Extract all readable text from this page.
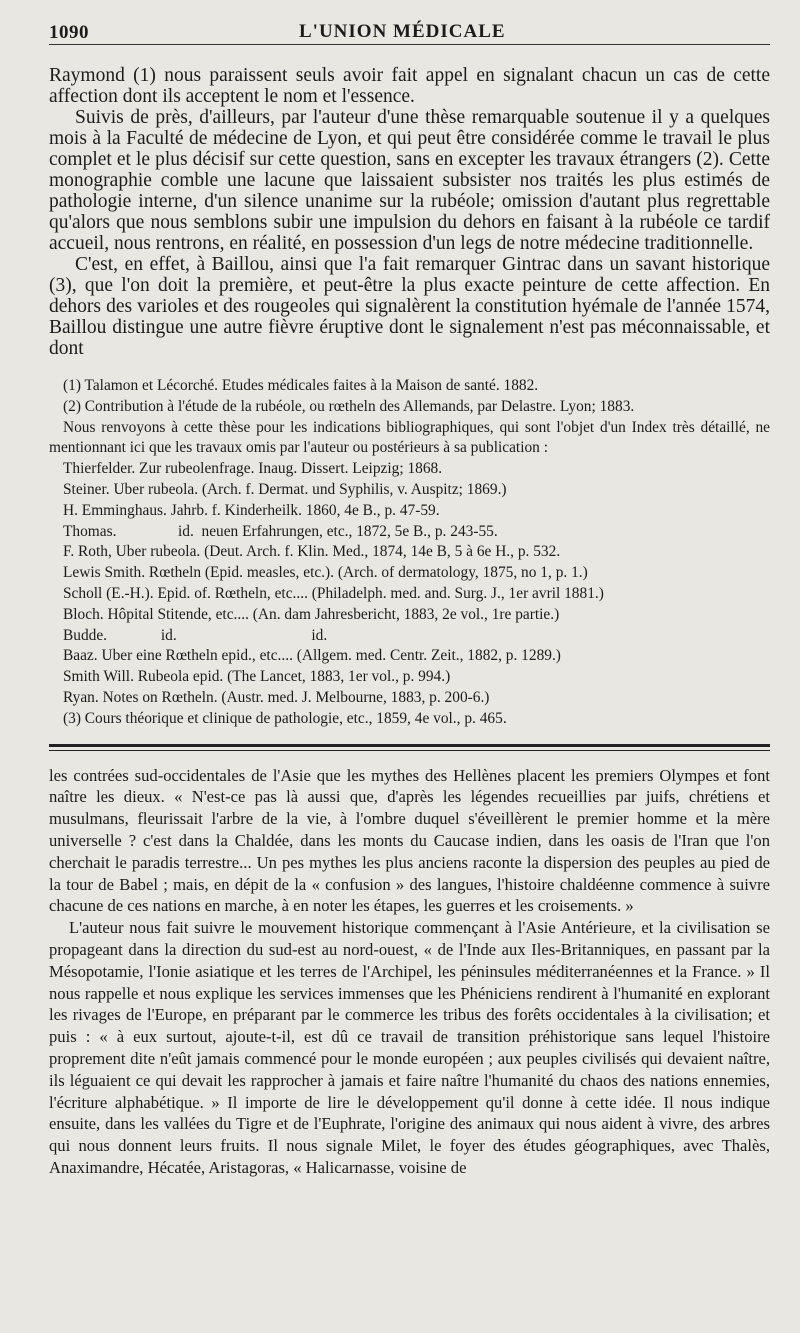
1090	L'UNION MÉDICALE

Raymond (1) nous paraissent seuls avoir fait appel en signalant chacun un cas de cette affection dont ils acceptent le nom et l'essence.

Suivis de près, d'ailleurs, par l'auteur d'une thèse remarquable soutenue il y a quelques mois à la Faculté de médecine de Lyon, et qui peut être considérée comme le travail le plus complet et le plus décisif sur cette question, sans en excepter les travaux étrangers (2). Cette monographie comble une lacune que laissaient subsister nos traités les plus estimés de pathologie interne, d'un silence unanime sur la rubéole; omission d'autant plus regrettable qu'alors que nous semblons subir une impulsion du dehors en faisant à la rubéole ce tardif accueil, nous rentrons, en réalité, en possession d'un legs de notre médecine traditionnelle.

C'est, en effet, à Baillou, ainsi que l'a fait remarquer Gintrac dans un savant historique (3), que l'on doit la première, et peut-être la plus exacte peinture de cette affection. En dehors des varioles et des rougeoles qui signalèrent la constitution hyémale de l'année 1574, Baillou distingue une autre fièvre éruptive dont le signalement n'est pas méconnaissable, et dont

(1) Talamon et Lécorché. Etudes médicales faites à la Maison de santé. 1882.

(2) Contribution à l'étude de la rubéole, ou rœtheln des Allemands, par Delastre. Lyon; 1883.

Nous renvoyons à cette thèse pour les indications bibliographiques, qui sont l'objet d'un Index très détaillé, ne mentionnant ici que les travaux omis par l'auteur ou postérieurs à sa publication :

Thierfelder. Zur rubeolenfrage. Inaug. Dissert. Leipzig; 1868.
Steiner. Uber rubeola. (Arch. f. Dermat. und Syphilis, v. Auspitz; 1869.)
H. Emminghaus. Jahrb. f. Kinderheilk. 1860, 4e B., p. 47-59.
Thomas.                id.  neuen Erfahrungen, etc., 1872, 5e B., p. 243-55.
F. Roth, Uber rubeola. (Deut. Arch. f. Klin. Med., 1874, 14e B, 5 à 6e H., p. 532.
Lewis Smith. Rœtheln (Epid. measles, etc.). (Arch. of dermatology, 1875, no 1, p. 1.)
Scholl (E.-H.). Epid. of. Rœtheln, etc.... (Philadelph. med. and. Surg. J., 1er avril 1881.)
Bloch. Hôpital Stitende, etc.... (An. dam Jahresbericht, 1883, 2e vol., 1re partie.)
Budde.              id.                                   id.
Baaz. Uber eine Rœtheln epid., etc.... (Allgem. med. Centr. Zeit., 1882, p. 1289.)
Smith Will. Rubeola epid. (The Lancet, 1883, 1er vol., p. 994.)
Ryan. Notes on Rœtheln. (Austr. med. J. Melbourne, 1883, p. 200-6.)

(3) Cours théorique et clinique de pathologie, etc., 1859, 4e vol., p. 465.

les contrées sud-occidentales de l'Asie que les mythes des Hellènes placent les premiers Olympes et font naître les dieux. « N'est-ce pas là aussi que, d'après les légendes recueillies par juifs, chrétiens et musulmans, fleurissait l'arbre de la vie, à l'ombre duquel s'éveillèrent le premier homme et la mère universelle ? c'est dans la Chaldée, dans les monts du Caucase indien, dans les oasis de l'Iran que l'on cherchait le paradis terrestre... Un pes mythes les plus anciens raconte la dispersion des peuples au pied de la tour de Babel ; mais, en dépit de la « confusion » des langues, l'histoire chaldéenne commence à suivre chacune de ces nations en marche, à en noter les étapes, les guerres et les croisements. »

L'auteur nous fait suivre le mouvement historique commençant à l'Asie Antérieure, et la civilisation se propageant dans la direction du sud-est au nord-ouest, « de l'Inde aux Iles-Britanniques, en passant par la Mésopotamie, l'Ionie asiatique et les terres de l'Archipel, les péninsules méditerranéennes et la France. » Il nous rappelle et nous explique les services immenses que les Phéniciens rendirent à l'humanité en explorant les rivages de l'Europe, en préparant par le commerce les tribus des forêts occidentales à la civilisation; et puis : « à eux surtout, ajoute-t-il, est dû ce travail de transition préhistorique sans lequel l'histoire proprement dite n'eût jamais commencé pour le monde européen ; aux peuples civilisés qui devaient naître, ils léguaient ce qui devait les rapprocher à jamais et faire naître l'humanité du chaos des nations ennemies, l'écriture alphabétique. » Il importe de lire le développement qu'il donne à cette idée. Il nous indique ensuite, dans les vallées du Tigre et de l'Euphrate, l'origine des animaux qui nous aident à vivre, des arbres qui nous donnent leurs fruits. Il nous signale Milet, le foyer des études géographiques, avec Thalès, Anaximandre, Hécatée, Aristagoras, « Halicarnasse, voisine de
